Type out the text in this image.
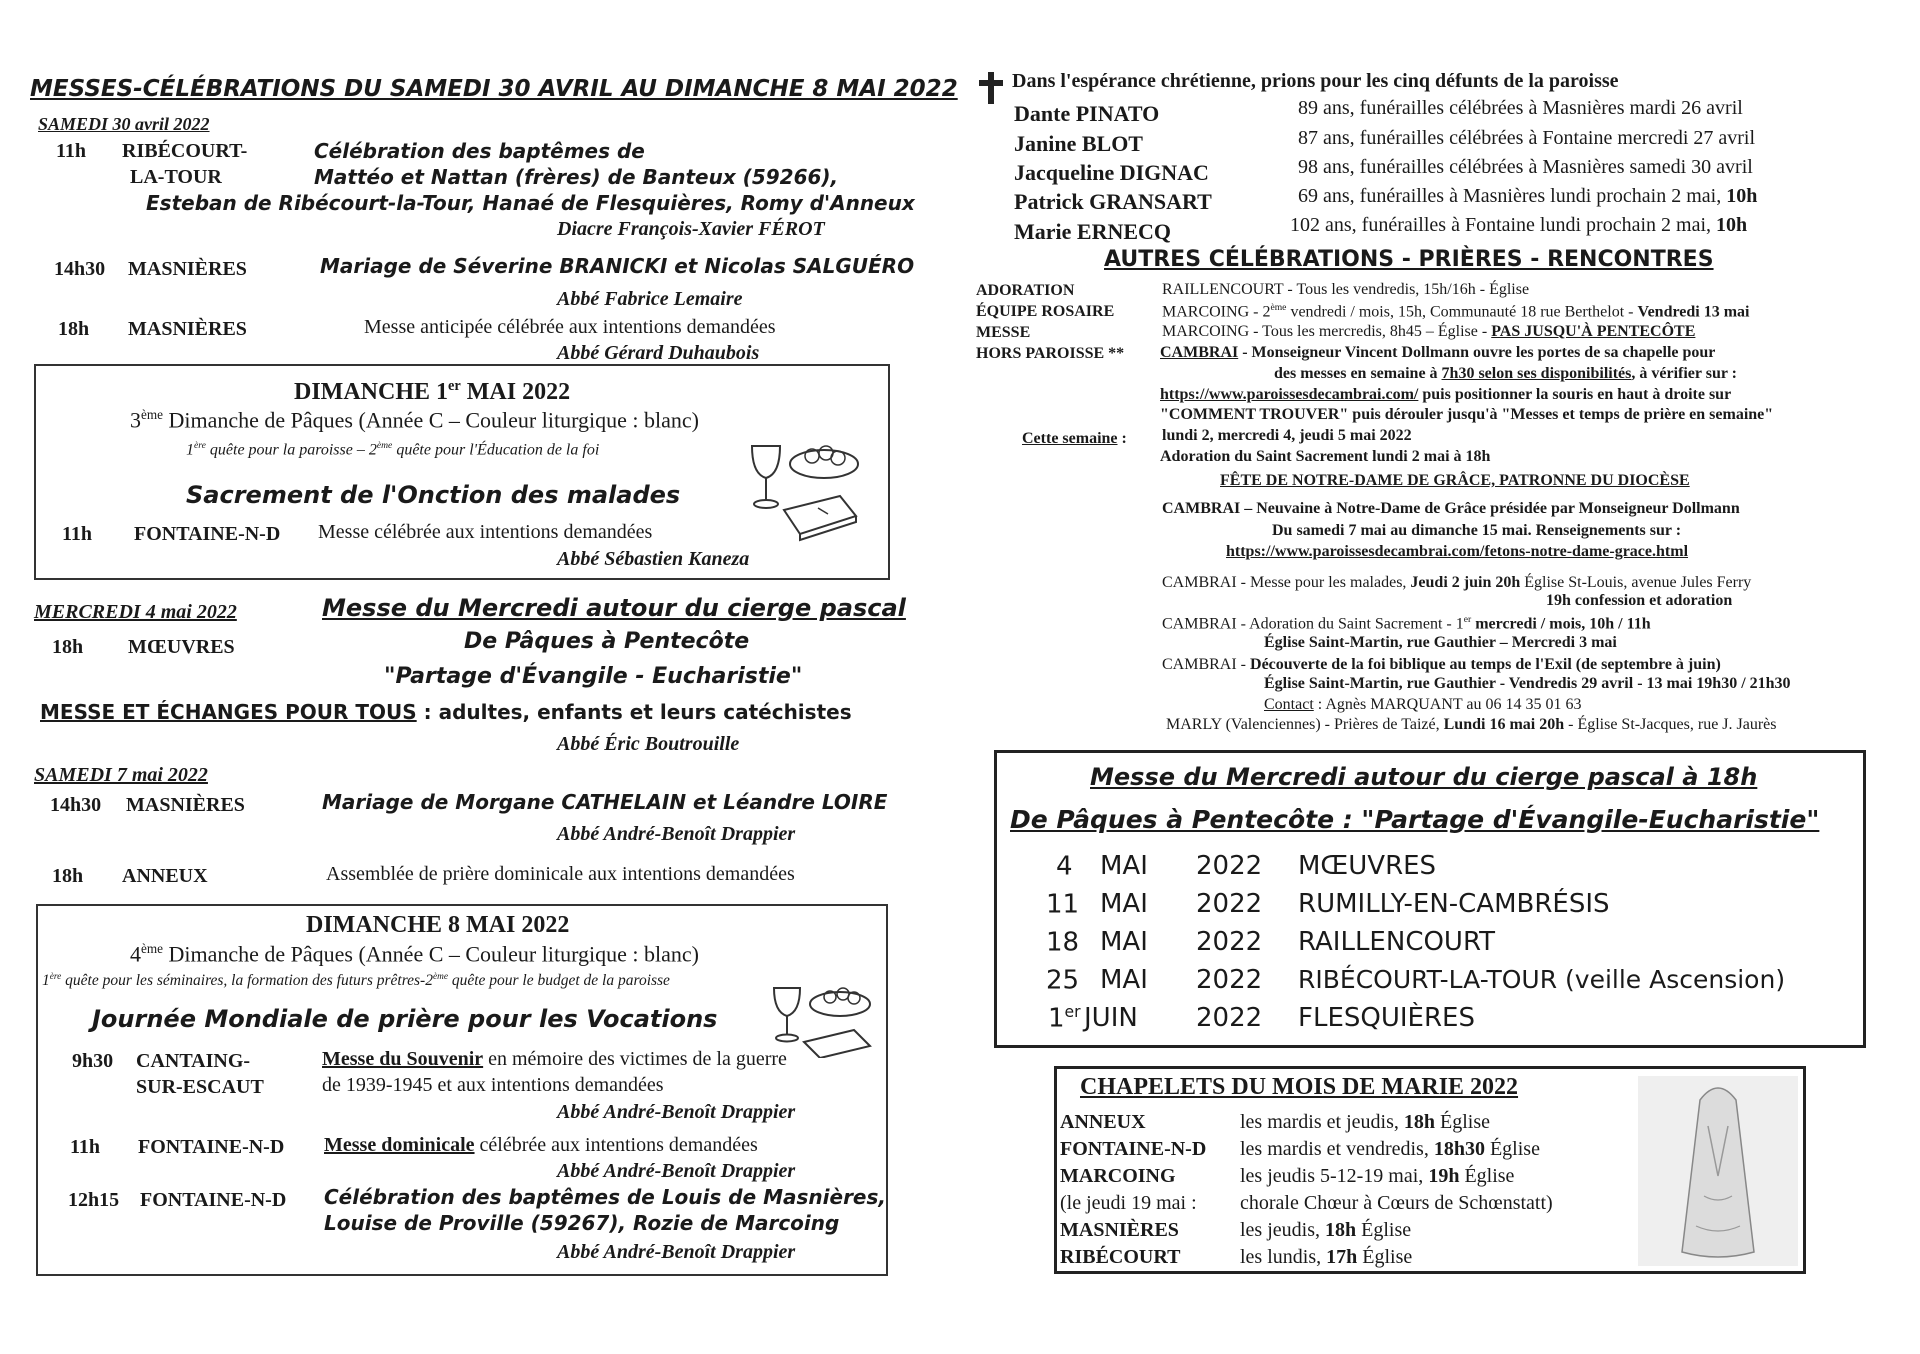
MESSES-CÉLÉBRATIONS DU SAMEDI 30 AVRIL AU DIMANCHE 8 MAI 2022
SAMEDI 30 avril 2022
11h RIBÉCOURT-
LA-TOUR
Célébration des baptêmes de
Mattéo et Nattan (frères) de Banteux (59266),
Esteban de Ribécourt-la-Tour, Hanaé de Flesquières, Romy d'Anneux
Diacre François-Xavier FÉROT
14h30 MASNIÈRES	Mariage de Séverine BRANICKI et Nicolas SALGUÉRO
Abbé Fabrice Lemaire
18h MASNIÈRES	Messe anticipée célébrée aux intentions demandées
Abbé Gérard Duhaubois
DIMANCHE 1er MAI 2022
3ème Dimanche de Pâques (Année C – Couleur liturgique : blanc)
1ère quête pour la paroisse – 2ème quête pour l'Éducation de la foi
Sacrement de l'Onction des malades
11h FONTAINE-N-D Messe célébrée aux intentions demandées
Abbé Sébastien Kaneza
MERCREDI 4 mai 2022	Messe du Mercredi autour du cierge pascal
18h MŒUVRES	De Pâques à Pentecôte
"Partage d'Évangile - Eucharistie"
MESSE ET ÉCHANGES POUR TOUS : adultes, enfants et leurs catéchistes
Abbé Éric Boutrouille
SAMEDI 7 mai 2022
14h30 MASNIÈRES	Mariage de Morgane CATHELAIN et Léandre LOIRE
Abbé André-Benoît Drappier
18h ANNEUX	Assemblée de prière dominicale aux intentions demandées
DIMANCHE 8 MAI 2022
4ème Dimanche de Pâques (Année C – Couleur liturgique : blanc)
1ère quête pour les séminaires, la formation des futurs prêtres-2ème quête pour le budget de la paroisse
Journée Mondiale de prière pour les Vocations
9h30 CANTAING-
SUR-ESCAUT
Messe du Souvenir en mémoire des victimes de la guerre
de 1939-1945 et aux intentions demandées
Abbé André-Benoît Drappier
11h FONTAINE-N-D Messe dominicale célébrée aux intentions demandées
Abbé André-Benoît Drappier
12h15 FONTAINE-N-D Célébration des baptêmes de Louis de Masnières,
Louise de Proville (59267), Rozie de Marcoing
Abbé André-Benoît Drappier
Dans l'espérance chrétienne, prions pour les cinq défunts de la paroisse
Dante PINATO	89 ans, funérailles célébrées à Masnières mardi 26 avril
Janine BLOT	87 ans, funérailles célébrées à Fontaine mercredi 27 avril
Jacqueline DIGNAC	98 ans, funérailles célébrées à Masnières samedi 30 avril
Patrick GRANSART	69 ans, funérailles à Masnières lundi prochain 2 mai, 10h
Marie ERNECQ	102 ans, funérailles à Fontaine lundi prochain 2 mai, 10h
AUTRES CÉLÉBRATIONS - PRIÈRES - RENCONTRES
ADORATION	RAILLENCOURT - Tous les vendredis, 15h/16h - Église
ÉQUIPE ROSAIRE	MARCOING - 2ème vendredi / mois, 15h, Communauté 18 rue Berthelot - Vendredi 13 mai
MESSE	MARCOING - Tous les mercredis, 8h45 – Église - PAS JUSQU'À PENTECÔTE
HORS PAROISSE ** CAMBRAI - Monseigneur Vincent Dollmann ouvre les portes de sa chapelle pour
des messes en semaine à 7h30 selon ses disponibilités, à vérifier sur :
https://www.paroissesdecambrai.com/ puis positionner la souris en haut à droite sur
"COMMENT TROUVER" puis dérouler jusqu'à "Messes et temps de prière en semaine"
Cette semaine : lundi 2, mercredi 4, jeudi 5 mai 2022
Adoration du Saint Sacrement lundi 2 mai à 18h
FÊTE DE NOTRE-DAME DE GRÂCE, PATRONNE DU DIOCÈSE
CAMBRAI – Neuvaine à Notre-Dame de Grâce présidée par Monseigneur Dollmann
Du samedi 7 mai au dimanche 15 mai. Renseignements sur :
https://www.paroissesdecambrai.com/fetons-notre-dame-grace.html
CAMBRAI - Messe pour les malades, Jeudi 2 juin 20h Église St-Louis, avenue Jules Ferry
19h confession et adoration
CAMBRAI - Adoration du Saint Sacrement - 1er mercredi / mois, 10h / 11h
Église Saint-Martin, rue Gauthier – Mercredi 3 mai
CAMBRAI - Découverte de la foi biblique au temps de l'Exil (de septembre à juin)
Église Saint-Martin, rue Gauthier - Vendredis 29 avril - 13 mai 19h30 / 21h30
Contact : Agnès MARQUANT au 06 14 35 01 63
MARLY (Valenciennes) - Prières de Taizé, Lundi 16 mai 20h - Église St-Jacques, rue J. Jaurès
Messe du Mercredi autour du cierge pascal à 18h
De Pâques à Pentecôte : "Partage d'Évangile-Eucharistie"
4 MAI 2022 MŒUVRES
11 MAI 2022 RUMILLY-EN-CAMBRÉSIS
18 MAI 2022 RAILLENCOURT
25 MAI 2022 RIBÉCOURT-LA-TOUR (veille Ascension)
1er JUIN 2022 FLESQUIÈRES
CHAPELETS DU MOIS DE MARIE 2022
ANNEUX	les mardis et jeudis, 18h Église
FONTAINE-N-D les mardis et vendredis, 18h30 Église
MARCOING	les jeudis 5-12-19 mai, 19h Église
(le jeudi 19 mai : chorale Chœur à Cœurs de Schœnstatt)
MASNIÈRES	les jeudis, 18h Église
RIBÉCOURT	les lundis, 17h Église
